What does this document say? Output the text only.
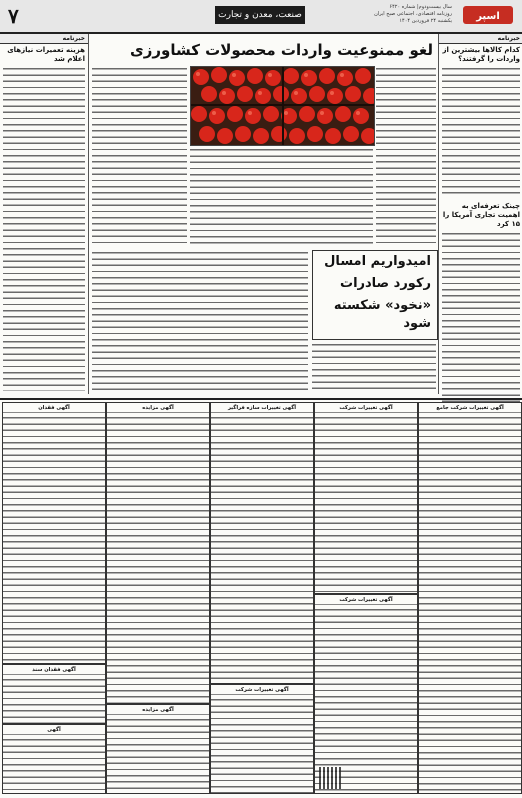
اسپر
سال بیست‌ودوم| شماره ۶۴۲۰
روزنامه اقتصادی، اجتماعی صبح ایران
یکشنبه ۲۴ فروردین ۱۴۰۴
صنعت، معدن و تجارت
۷
خبرنامه
کدام کالاها بیشترین از واردات را گرفتند؟
چینک تعرفه‌ای به اهمیت تجاری آمریکا را ۱۵ کرد
خبرنامه
هزینه تعمیرات نیازهای اعلام شد	لغو ممنوعیت واردات محصولات کشاورزی
امیدواریم امسال
رکورد صادرات
«نخود» شکسته شود
آگهی تغییرات شرکت جامع
آگهی تغییرات شرکت
آگهی تغییرات شرکت
آگهی تغییرات سازه فراگیر
آگهی تغییرات شرکت
آگهی مزایده
آگهی مزایده
آگهی فقدان
آگهی فقدان سند
آگهی
